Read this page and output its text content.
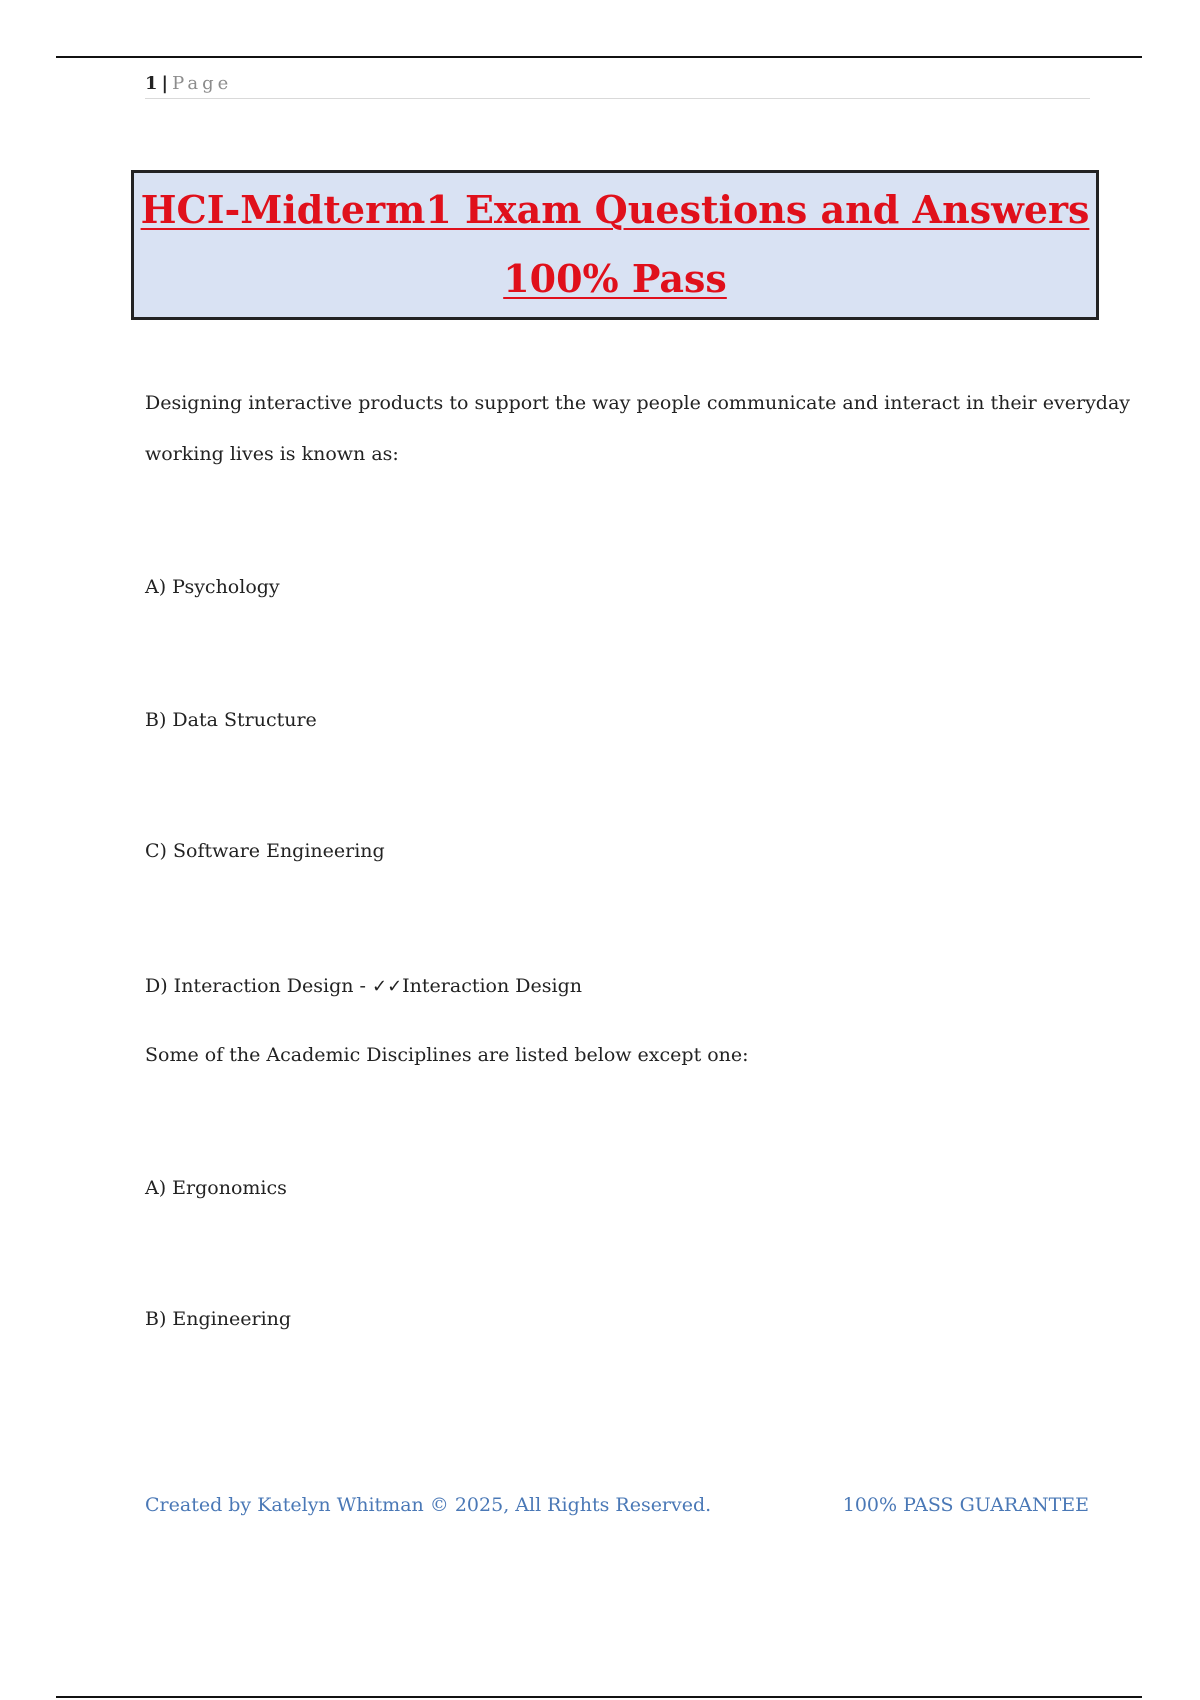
1 | Page
HCI-Midterm1 Exam Questions and Answers
100% Pass
Designing interactive products to support the way people communicate and interact in their everyday
working lives is known as:
A) Psychology
B) Data Structure
C) Software Engineering
D) Interaction Design - ✓✓Interaction Design
Some of the Academic Disciplines are listed below except one:
A) Ergonomics
B) Engineering
Created by Katelyn Whitman © 2025, All Rights Reserved.	100% PASS GUARANTEE
